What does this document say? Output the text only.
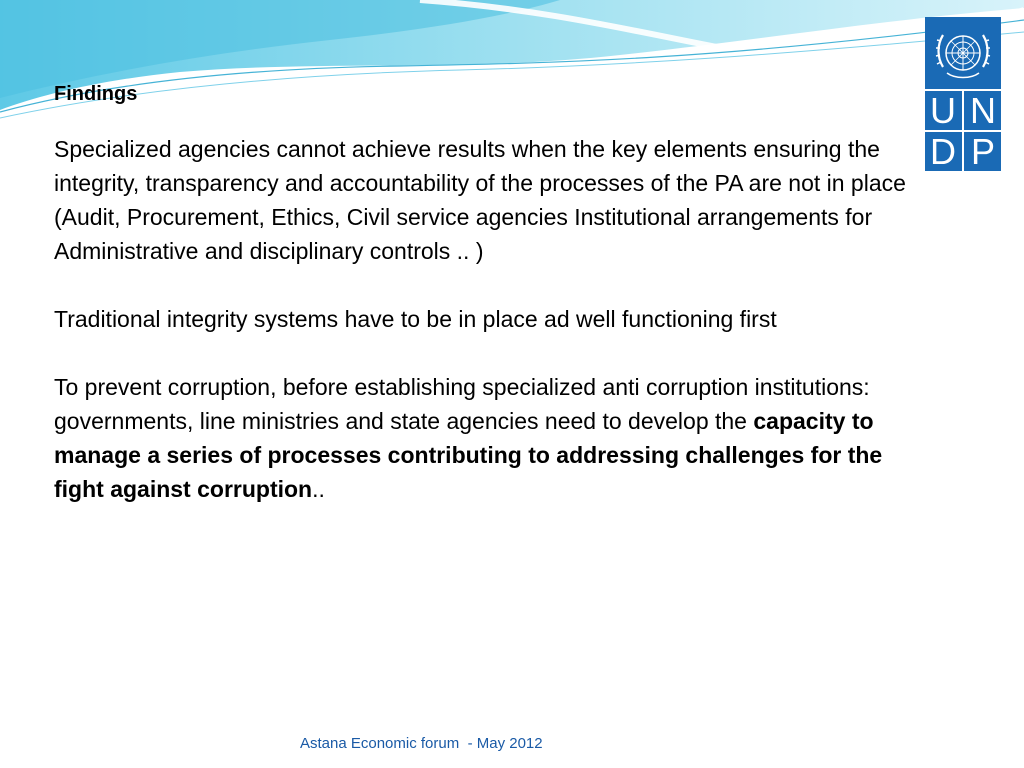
U N
D P
Findings

Specialized agencies cannot achieve results when the key elements ensuring the integrity, transparency and accountability of the processes of the PA are not in place (Audit, Procurement, Ethics, Civil service agencies Institutional arrangements for Administrative and disciplinary controls .. )

Traditional integrity systems have to be in place ad well functioning first

To prevent corruption, before establishing specialized anti corruption institutions: governments, line ministries and state agencies need to develop the capacity to manage a series of processes contributing to addressing challenges for the fight against corruption..

Astana Economic forum  - May 2012
